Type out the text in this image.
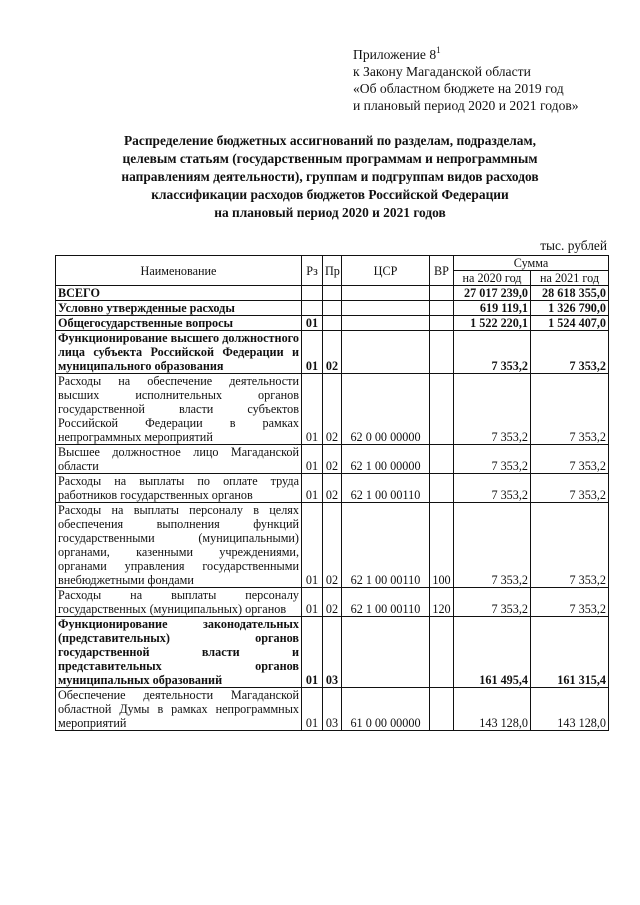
Приложение $8^1$
к Закону Магаданской области
«Об областном бюджете на 2019 год
и плановый период 2020 и 2021 годов»
Распределение бюджетных ассигнований по разделам, подразделам,
целевым статьям (государственным программам и непрограммным
направлениям деятельности), группам и подгруппам видов расходов
классификации расходов бюджетов Российской Федерации
на плановый период 2020 и 2021 годов
тыс. рублей
Наименование	Рз	Пр	ЦСР	ВР	Сумма	
					на 2020 год	на 2021 год
ВСЕГО					27 017 239,0	28 618 355,0
Условно утвержденные расходы					619 119,1	1 326 790,0
Общегосударственные вопросы	01				1 522 220,1	1 524 407,0
Функционирование высшего должностного лица субъекта Российской Федерации и муниципального образования	01	02			7 353,2	7 353,2
Расходы на обеспечение деятельности высших исполнительных органов государственной власти субъектов Российской Федерации в рамках непрограммных мероприятий	01	02	62 0 00 00000		7 353,2	7 353,2
Высшее должностное лицо Магаданской области	01	02	62 1 00 00000		7 353,2	7 353,2
Расходы на выплаты по оплате труда работников государственных органов	01	02	62 1 00 00110		7 353,2	7 353,2
Расходы на выплаты персоналу в целях обеспечения выполнения функций государственными (муниципальными) органами, казенными учреждениями, органами управления государственными внебюджетными фондами	01	02	62 1 00 00110	100	7 353,2	7 353,2
Расходы на выплаты персоналу государственных (муниципальных) органов	01	02	62 1 00 00110	120	7 353,2	7 353,2
Функционирование законодательных (представительных) органов государственной власти и представительных органов муниципальных образований	01	03			161 495,4	161 315,4
Обеспечение деятельности Магаданской областной Думы в рамках непрограммных мероприятий	01	03	61 0 00 00000		143 128,0	143 128,0
